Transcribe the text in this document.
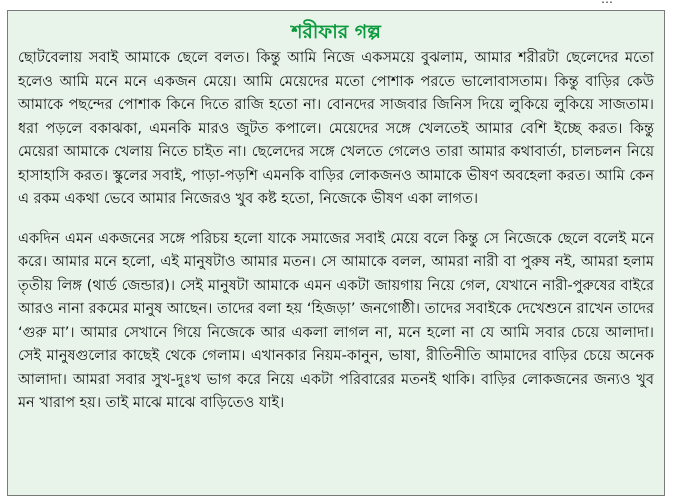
শরীফার গল্প

ছোটবেলায় সবাই আমাকে ছেলে বলত। কিন্তু আমি নিজে একসময়ে বুঝলাম, আমার শরীরটা ছেলেদের মতো হলেও আমি মনে মনে একজন মেয়ে। আমি মেয়েদের মতো পোশাক পরতে ভালোবাসতাম। কিন্তু বাড়ির কেউ আমাকে পছন্দের পোশাক কিনে দিতে রাজি হতো না। বোনদের সাজবার জিনিস দিয়ে লুকিয়ে লুকিয়ে সাজতাম। ধরা পড়লে বকাঝকা, এমনকি মারও জুটত কপালে। মেয়েদের সঙ্গে খেলতেই আমার বেশি ইচ্ছে করত। কিন্তু মেয়েরা আমাকে খেলায় নিতে চাইত না। ছেলেদের সঙ্গে খেলতে গেলেও তারা আমার কথাবার্তা, চালচলন নিয়ে হাসাহাসি করত। স্কুলের সবাই, পাড়া-পড়শি এমনকি বাড়ির লোকজনও আমাকে ভীষণ অবহেলা করত। আমি কেন এ রকম একথা ভেবে আমার নিজেরও খুব কষ্ট হতো, নিজেকে ভীষণ একা লাগত।

একদিন এমন একজনের সঙ্গে পরিচয় হলো যাকে সমাজের সবাই মেয়ে বলে কিন্তু সে নিজেকে ছেলে বলেই মনে করে। আমার মনে হলো, এই মানুষটাও আমার মতন। সে আমাকে বলল, আমরা নারী বা পুরুষ নই, আমরা হলাম তৃতীয় লিঙ্গ (থার্ড জেন্ডার)। সেই মানুষটা আমাকে এমন একটা জায়গায় নিয়ে গেল, যেখানে নারী-পুরুষের বাইরে আরও নানা রকমের মানুষ আছেন। তাদের বলা হয় ‘হিজড়া’ জনগোষ্ঠী। তাদের সবাইকে দেখেশুনে রাখেন তাদের ‘গুরু মা’। আমার সেখানে গিয়ে নিজেকে আর একলা লাগল না, মনে হলো না যে আমি সবার চেয়ে আলাদা। সেই মানুষগুলোর কাছেই থেকে গেলাম। এখানকার নিয়ম-কানুন, ভাষা, রীতিনীতি আমাদের বাড়ির চেয়ে অনেক আলাদা। আমরা সবার সুখ-দুঃখ ভাগ করে নিয়ে একটা পরিবারের মতনই থাকি। বাড়ির লোকজনের জন্যও খুব মন খারাপ হয়। তাই মাঝে মাঝে বাড়িতেও যাই।
